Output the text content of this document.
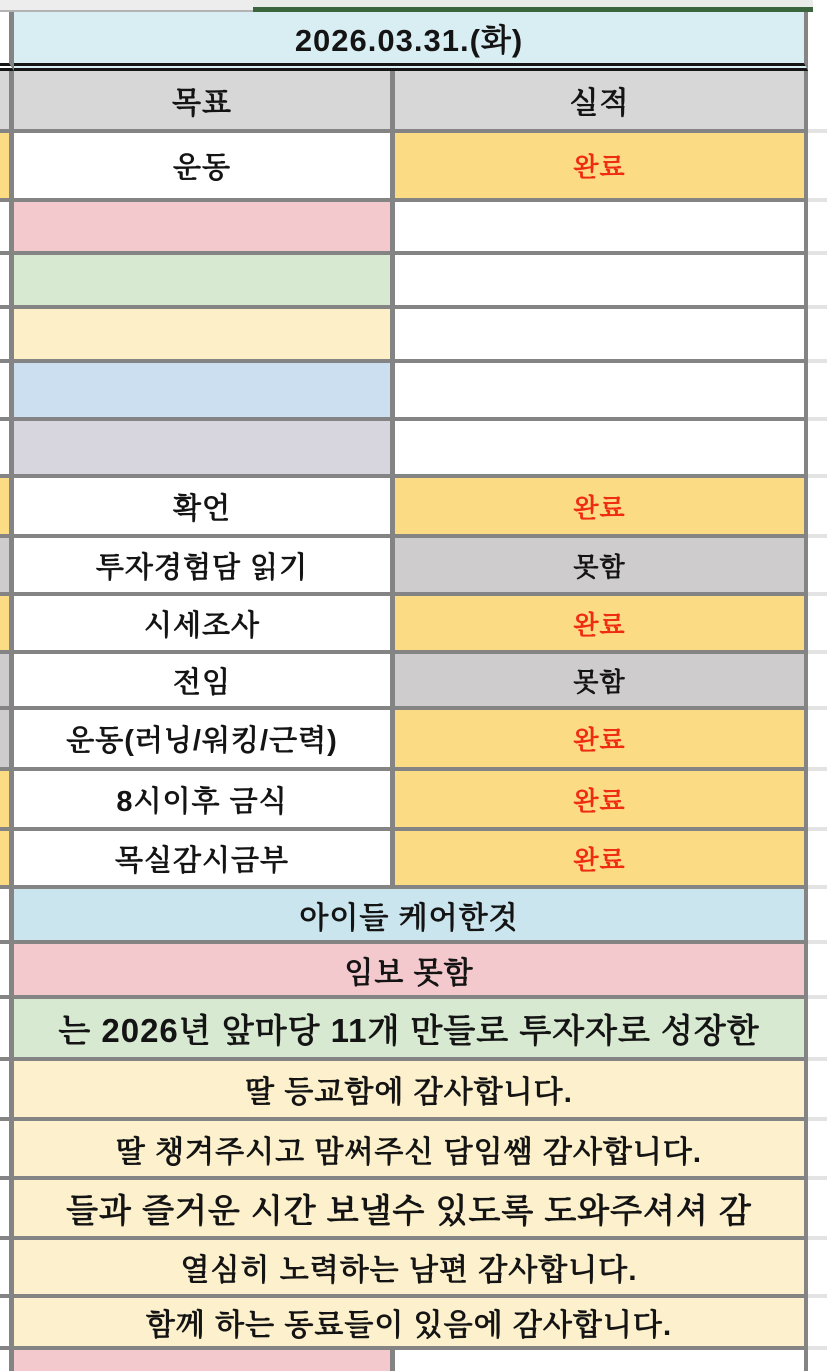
2026.03.31.(화)
목표	실적
운동	완료
확언	완료
투자경험담 읽기	못함
시세조사	완료
전임	못함
운동(러닝/워킹/근력)	완료
8시이후 금식	완료
목실감시금부	완료
아이들 케어한것
임보 못함
는 2026년 앞마당 11개 만들로 투자자로 성장한
딸 등교함에 감사합니다.
딸 챙겨주시고 맘써주신 담임쌤 감사합니다.
들과 즐거운 시간 보낼수 있도록 도와주셔셔 감
열심히 노력하는 남편 감사합니다.
함께 하는 동료들이 있음에 감사합니다.
